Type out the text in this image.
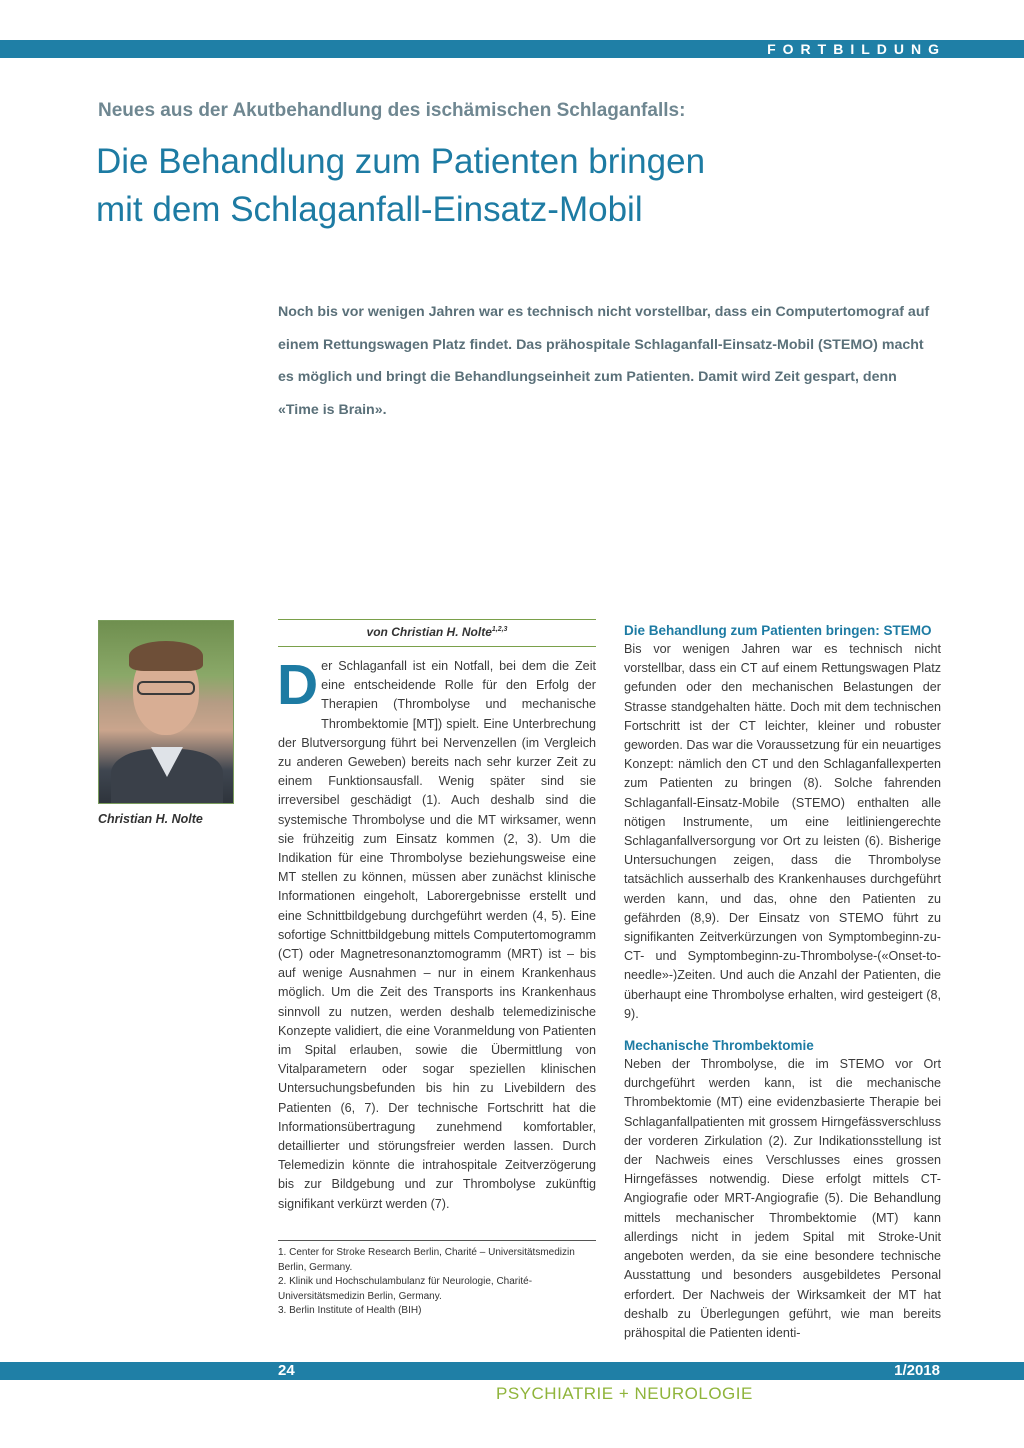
FORTBILDUNG
Neues aus der Akutbehandlung des ischämischen Schlaganfalls:
Die Behandlung zum Patienten bringen
mit dem Schlaganfall-Einsatz-Mobil
Noch bis vor wenigen Jahren war es technisch nicht vorstellbar, dass ein Computertomograf auf einem Rettungswagen Platz findet. Das prähospitale Schlaganfall-Einsatz-Mobil (STEMO) macht es möglich und bringt die Behandlungseinheit zum Patienten. Damit wird Zeit gespart, denn «Time is Brain».
Christian H. Nolte
von Christian H. Nolte$^{1,2,3}$
Der Schlaganfall ist ein Notfall, bei dem die Zeit eine entscheidende Rolle für den Erfolg der Therapien (Thrombolyse und mechanische Thrombektomie [MT]) spielt. Eine Unterbrechung der Blutversorgung führt bei Nervenzellen (im Vergleich zu anderen Geweben) bereits nach sehr kurzer Zeit zu einem Funktionsausfall. Wenig später sind sie irreversibel geschädigt (1). Auch deshalb sind die systemische Thrombolyse und die MT wirksamer, wenn sie frühzeitig zum Einsatz kommen (2, 3). Um die Indikation für eine Thrombolyse beziehungsweise eine MT stellen zu können, müssen aber zunächst klinische Informationen eingeholt, Laborergebnisse erstellt und eine Schnittbildgebung durchgeführt werden (4, 5). Eine sofortige Schnittbildgebung mittels Computertomogramm (CT) oder Magnetresonanztomogramm (MRT) ist – bis auf wenige Ausnahmen – nur in einem Krankenhaus möglich. Um die Zeit des Transports ins Krankenhaus sinnvoll zu nutzen, werden deshalb telemedizinische Konzepte validiert, die eine Voranmeldung von Patienten im Spital erlauben, sowie die Übermittlung von Vitalparametern oder sogar speziellen klinischen Untersuchungsbefunden bis hin zu Livebildern des Patienten (6, 7). Der technische Fortschritt hat die Informationsübertragung zunehmend komfortabler, detaillierter und störungsfreier werden lassen. Durch Telemedizin könnte die intrahospitale Zeitverzögerung bis zur Bildgebung und zur Thrombolyse zukünftig signifikant verkürzt werden (7).
Die Behandlung zum Patienten bringen: STEMO

Bis vor wenigen Jahren war es technisch nicht vorstellbar, dass ein CT auf einem Rettungswagen Platz gefunden oder den mechanischen Belastungen der Strasse standgehalten hätte. Doch mit dem technischen Fortschritt ist der CT leichter, kleiner und robuster geworden. Das war die Voraussetzung für ein neuartiges Konzept: nämlich den CT und den Schlaganfallexperten zum Patienten zu bringen (8). Solche fahrenden Schlaganfall-Einsatz-Mobile (STEMO) enthalten alle nötigen Instrumente, um eine leitliniengerechte Schlaganfallversorgung vor Ort zu leisten (6). Bisherige Untersuchungen zeigen, dass die Thrombolyse tatsächlich ausserhalb des Krankenhauses durchgeführt werden kann, und das, ohne den Patienten zu gefährden (8,9). Der Einsatz von STEMO führt zu signifikanten Zeitverkürzungen von Symptombeginn-zu-CT- und Symptombeginn-zu-Thrombolyse-(«Onset-to-needle»-)Zeiten. Und auch die Anzahl der Patienten, die überhaupt eine Thrombolyse erhalten, wird gesteigert (8, 9).

Mechanische Thrombektomie

Neben der Thrombolyse, die im STEMO vor Ort durchgeführt werden kann, ist die mechanische Thrombektomie (MT) eine evidenzbasierte Therapie bei Schlaganfallpatienten mit grossem Hirngefässverschluss der vorderen Zirkulation (2). Zur Indikationsstellung ist der Nachweis eines Verschlusses eines grossen Hirngefässes notwendig. Diese erfolgt mittels CT-Angiografie oder MRT-Angiografie (5). Die Behandlung mittels mechanischer Thrombektomie (MT) kann allerdings nicht in jedem Spital mit Stroke-Unit angeboten werden, da sie eine besondere technische Ausstattung und besonders ausgebildetes Personal erfordert. Der Nachweis der Wirksamkeit der MT hat deshalb zu Überlegungen geführt, wie man bereits prähospital die Patienten identi-

1. Center for Stroke Research Berlin, Charité – Universitätsmedizin Berlin, Germany.
2. Klinik und Hochschulambulanz für Neurologie, Charité- Universitätsmedizin Berlin, Germany.
3. Berlin Institute of Health (BIH)
24	1/2018
PSYCHIATRIE + NEUROLOGIE
